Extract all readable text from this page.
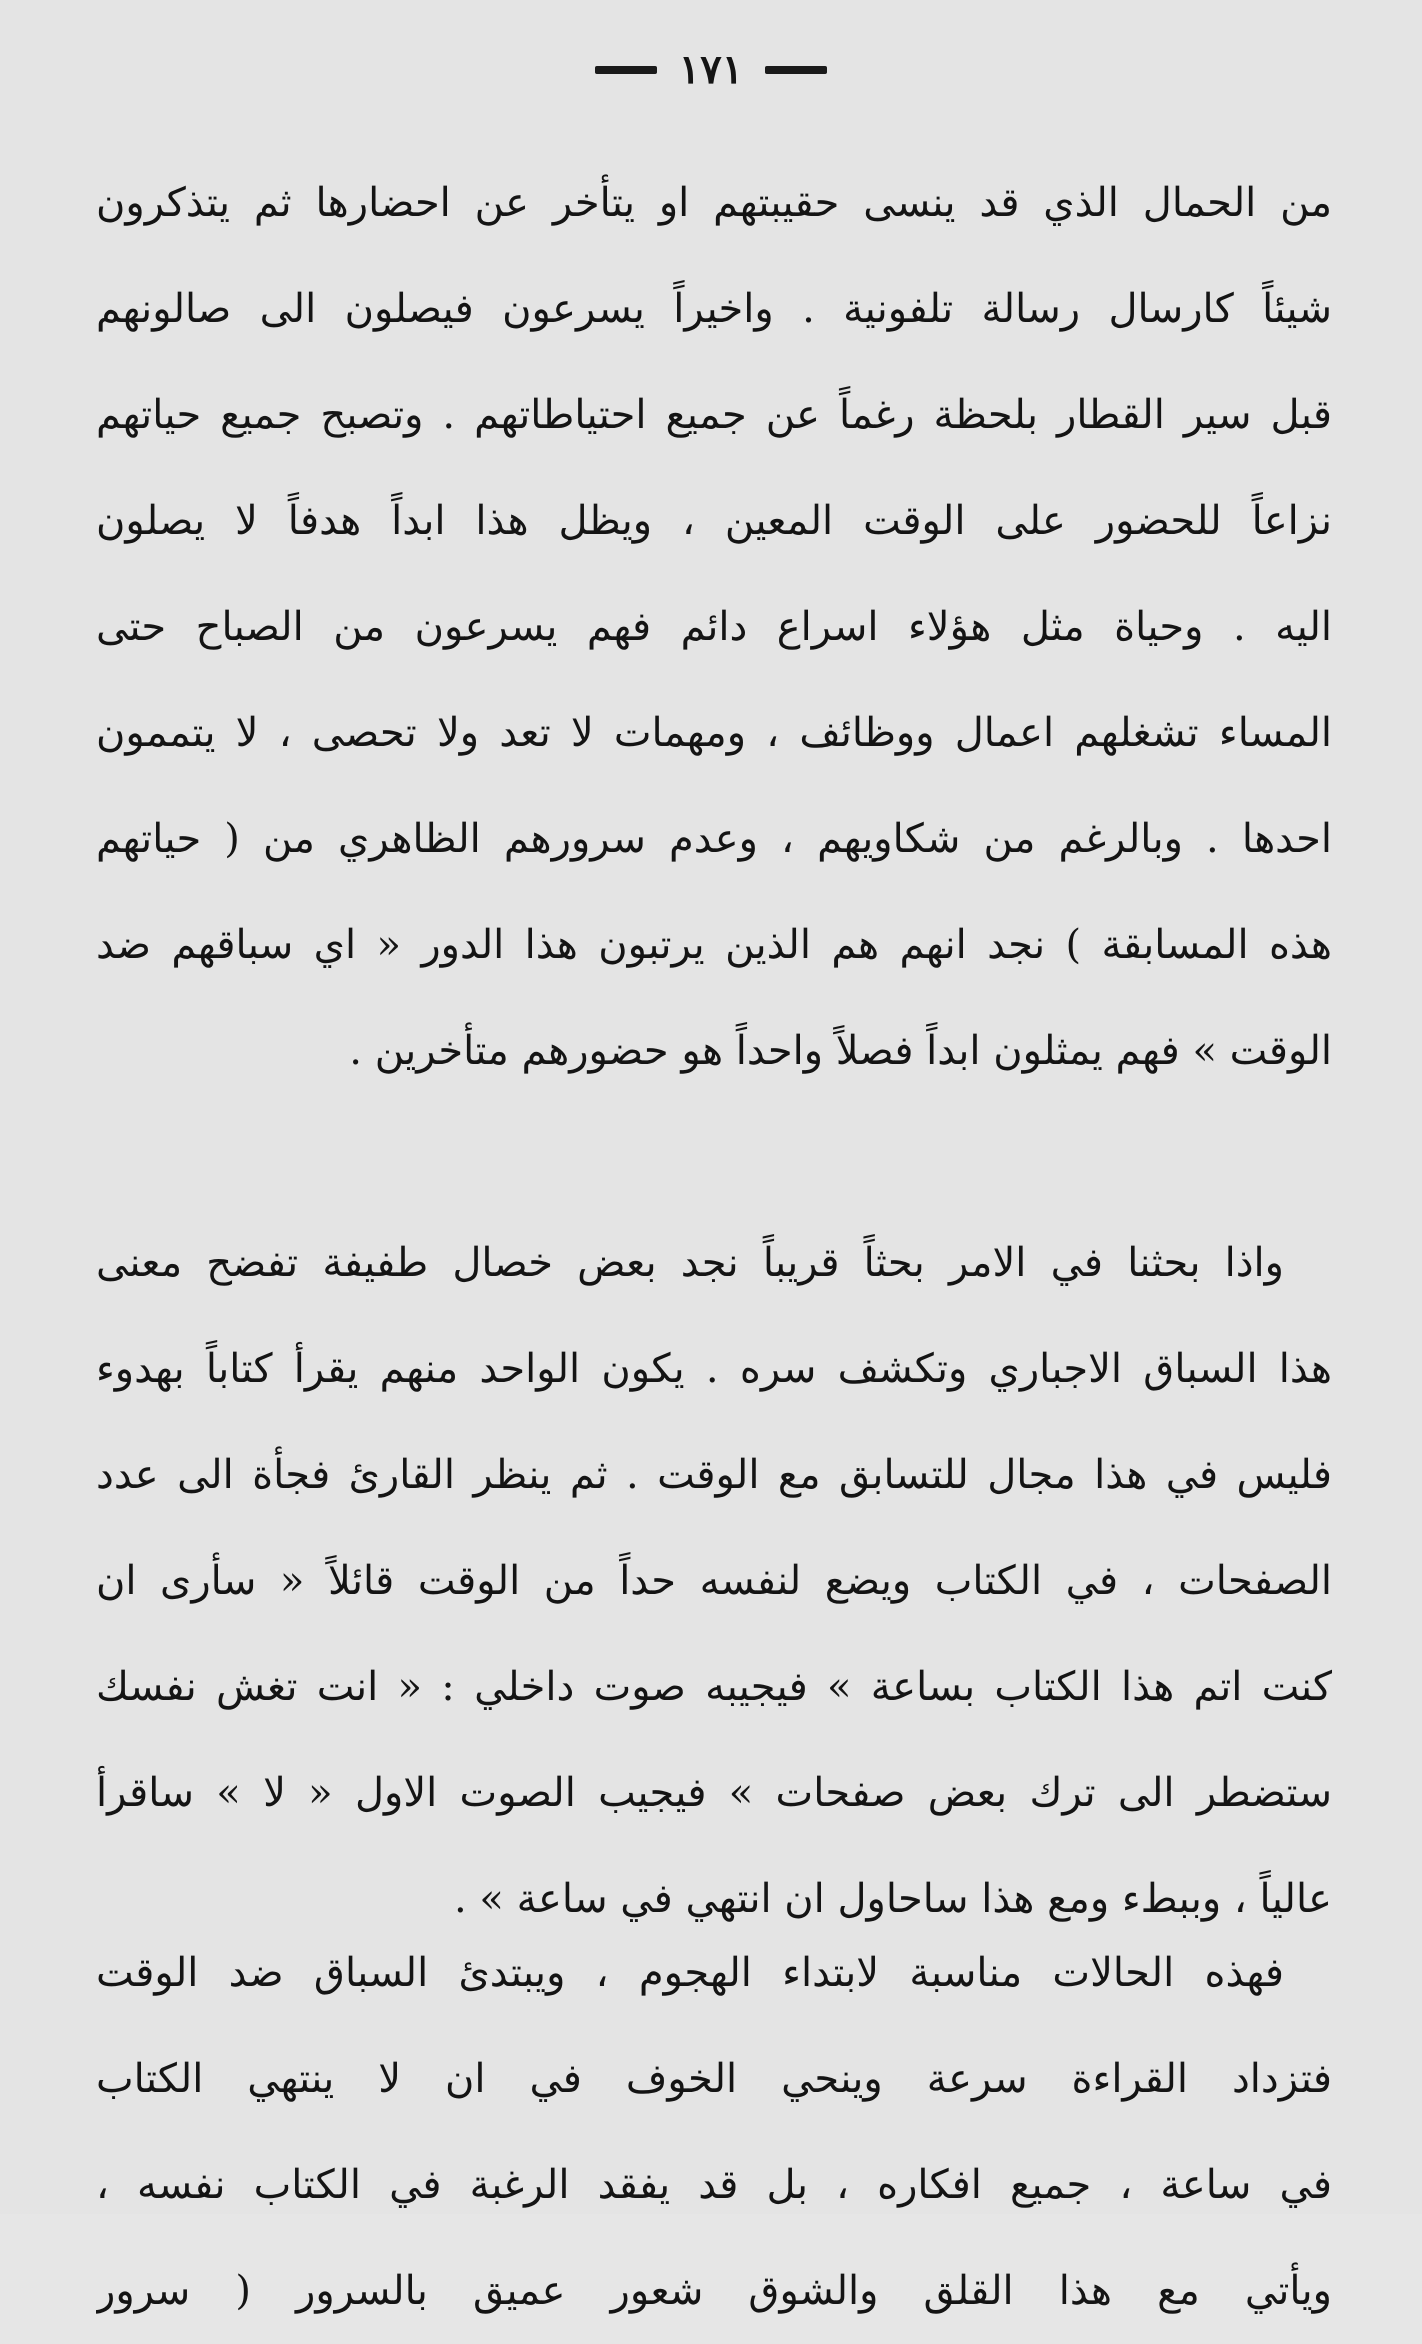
١٧١
من الحمال الذي قد ينسى حقيبتهم او يتأخر عن احضارها ثم يتذكرون
شيئاً كارسال رسالة تلفونية . واخيراً يسرعون فيصلون الى صالونهم
قبل سير القطار بلحظة رغماً عن جميع احتياطاتهم . وتصبح جميع حياتهم
نزاعاً للحضور على الوقت المعين ، ويظل هذا ابداً هدفاً لا يصلون
اليه . وحياة مثل هؤلاء اسراع دائم فهم يسرعون من الصباح حتى
المساء تشغلهم اعمال ووظائف ، ومهمات لا تعد ولا تحصى ، لا يتممون
احدها . وبالرغم من شكاويهم ، وعدم سرورهم الظاهري من ( حياتهم
هذه المسابقة ) نجد انهم هم الذين يرتبون هذا الدور « اي سباقهم ضد
الوقت » فهم يمثلون ابداً فصلاً واحداً هو حضورهم متأخرين .
واذا بحثنا في الامر بحثاً قريباً نجد بعض خصال طفيفة تفضح معنى
هذا السباق الاجباري وتكشف سره . يكون الواحد منهم يقرأ كتاباً بهدوء
فليس في هذا مجال للتسابق مع الوقت . ثم ينظر القارئ فجأة الى عدد
الصفحات ، في الكتاب ويضع لنفسه حداً من الوقت قائلاً « سأرى ان
كنت اتم هذا الكتاب بساعة » فيجيبه صوت داخلي : « انت تغش نفسك
ستضطر الى ترك بعض صفحات » فيجيب الصوت الاول « لا » ساقرأ
عالياً ، وببطء ومع هذا ساحاول ان انتهي في ساعة » .
فهذه الحالات مناسبة لابتداء الهجوم ، ويبتدئ السباق ضد الوقت
فتزداد القراءة سرعة وينحي الخوف في ان لا ينتهي الكتاب
في ساعة ، جميع افكاره ، بل قد يفقد الرغبة في الكتاب نفسه ،
ويأتي مع هذا القلق والشوق شعور عميق بالسرور ( سرور
